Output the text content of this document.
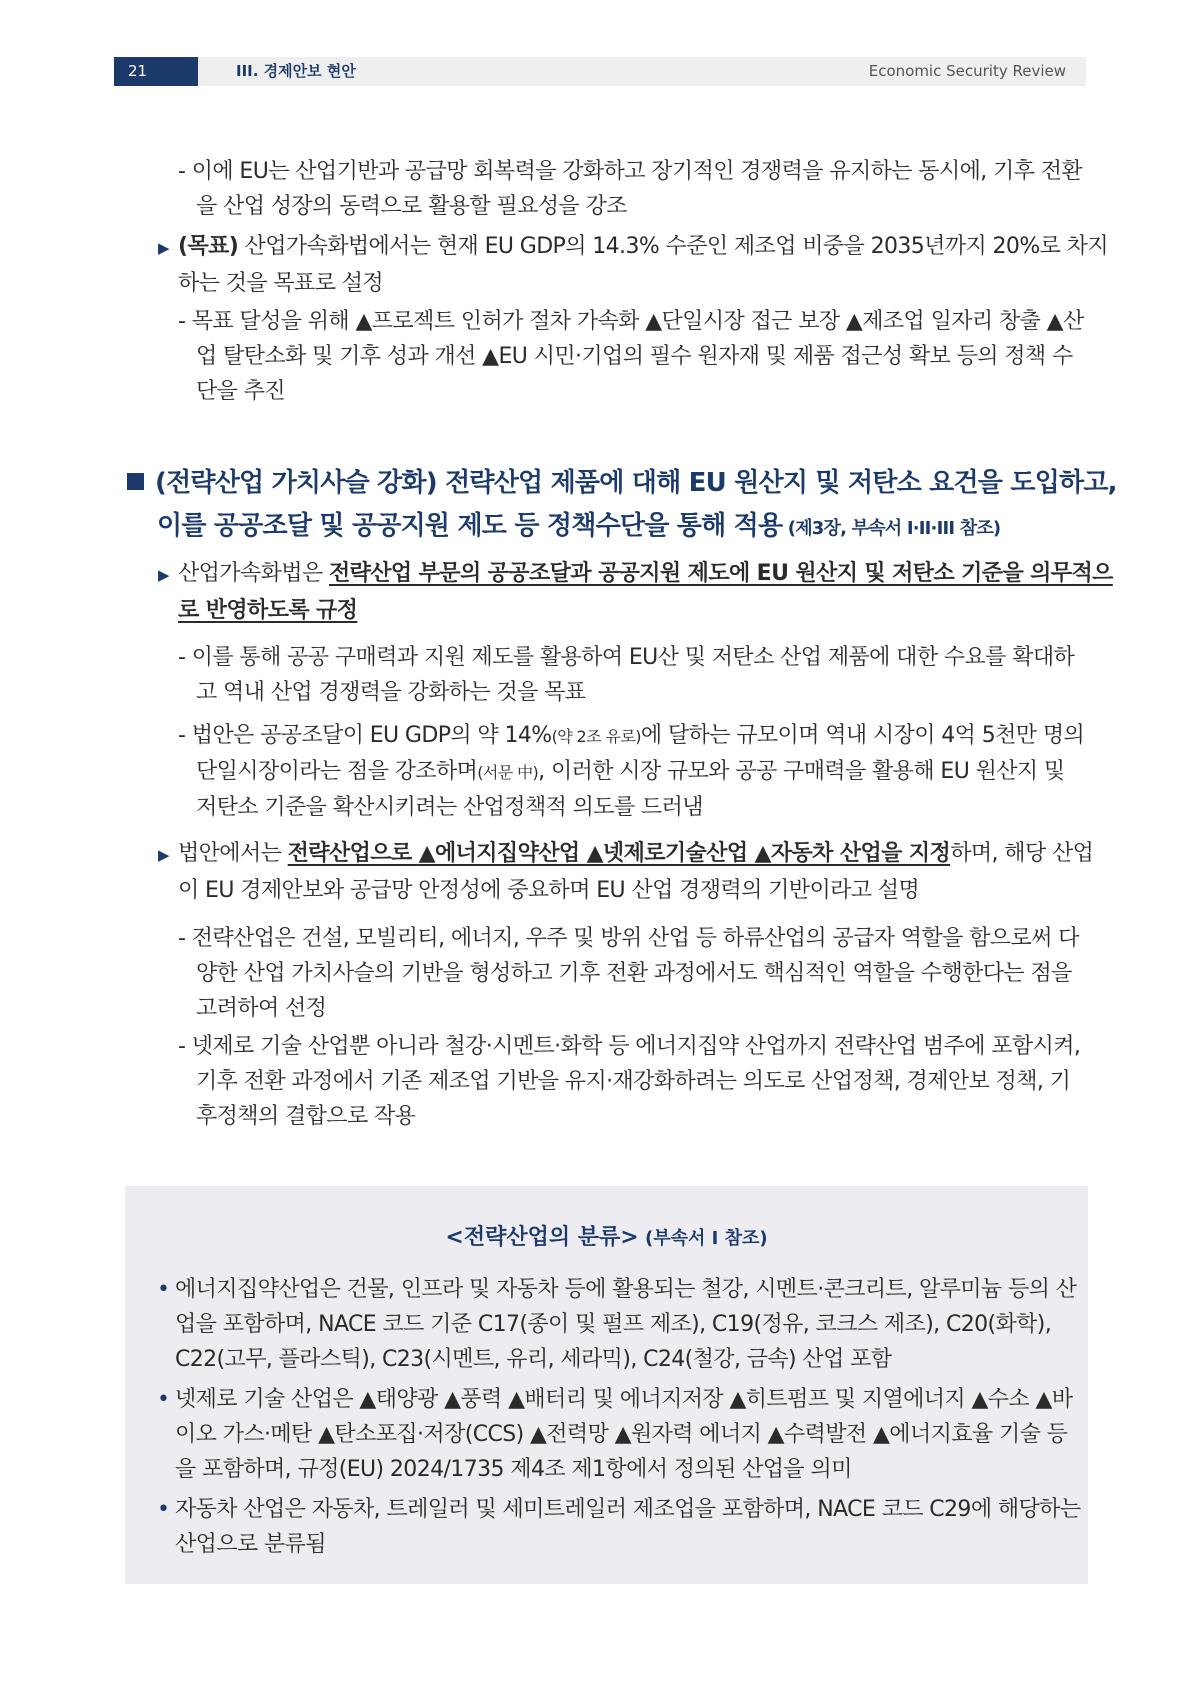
21	III. 경제안보 현안	Economic Security Review
- 이에 EU는 산업기반과 공급망 회복력을 강화하고 장기적인 경쟁력을 유지하는 동시에, 기후 전환을 산업 성장의 동력으로 활용할 필요성을 강조
▶ (목표) 산업가속화법에서는 현재 EU GDP의 14.3% 수준인 제조업 비중을 2035년까지 20%로 차지하는 것을 목표로 설정
- 목표 달성을 위해 ▲프로젝트 인허가 절차 가속화 ▲단일시장 접근 보장 ▲제조업 일자리 창출 ▲산업 탈탄소화 및 기후 성과 개선 ▲EU 시민·기업의 필수 원자재 및 제품 접근성 확보 등의 정책 수단을 추진
(전략산업 가치사슬 강화) 전략산업 제품에 대해 EU 원산지 및 저탄소 요건을 도입하고, 이를 공공조달 및 공공지원 제도 등 정책수단을 통해 적용 (제3장, 부속서 I·II·III 참조)
▶ 산업가속화법은 전략산업 부문의 공공조달과 공공지원 제도에 EU 원산지 및 저탄소 기준을 의무적으로 반영하도록 규정
- 이를 통해 공공 구매력과 지원 제도를 활용하여 EU산 및 저탄소 산업 제품에 대한 수요를 확대하고 역내 산업 경쟁력을 강화하는 것을 목표
- 법안은 공공조달이 EU GDP의 약 14%(약 2조 유로)에 달하는 규모이며 역내 시장이 4억 5천만 명의 단일시장이라는 점을 강조하며(서문 中), 이러한 시장 규모와 공공 구매력을 활용해 EU 원산지 및 저탄소 기준을 확산시키려는 산업정책적 의도를 드러냄
▶ 법안에서는 전략산업으로 ▲에너지집약산업 ▲넷제로기술산업 ▲자동차 산업을 지정하며, 해당 산업이 EU 경제안보와 공급망 안정성에 중요하며 EU 산업 경쟁력의 기반이라고 설명
- 전략산업은 건설, 모빌리티, 에너지, 우주 및 방위 산업 등 하류산업의 공급자 역할을 함으로써 다양한 산업 가치사슬의 기반을 형성하고 기후 전환 과정에서도 핵심적인 역할을 수행한다는 점을 고려하여 선정
- 넷제로 기술 산업뿐 아니라 철강·시멘트·화학 등 에너지집약 산업까지 전략산업 범주에 포함시켜, 기후 전환 과정에서 기존 제조업 기반을 유지·재강화하려는 의도로 산업정책, 경제안보 정책, 기후정책의 결합으로 작용
<전략산업의 분류> (부속서 I 참조)
• 에너지집약산업은 건물, 인프라 및 자동차 등에 활용되는 철강, 시멘트·콘크리트, 알루미늄 등의 산업을 포함하며, NACE 코드 기준 C17(종이 및 펄프 제조), C19(정유, 코크스 제조), C20(화학), C22(고무, 플라스틱), C23(시멘트, 유리, 세라믹), C24(철강, 금속) 산업 포함
• 넷제로 기술 산업은 ▲태양광 ▲풍력 ▲배터리 및 에너지저장 ▲히트펌프 및 지열에너지 ▲수소 ▲바이오 가스·메탄 ▲탄소포집·저장(CCS) ▲전력망 ▲원자력 에너지 ▲수력발전 ▲에너지효율 기술 등을 포함하며, 규정(EU) 2024/1735 제4조 제1항에서 정의된 산업을 의미
• 자동차 산업은 자동차, 트레일러 및 세미트레일러 제조업을 포함하며, NACE 코드 C29에 해당하는 산업으로 분류됨
